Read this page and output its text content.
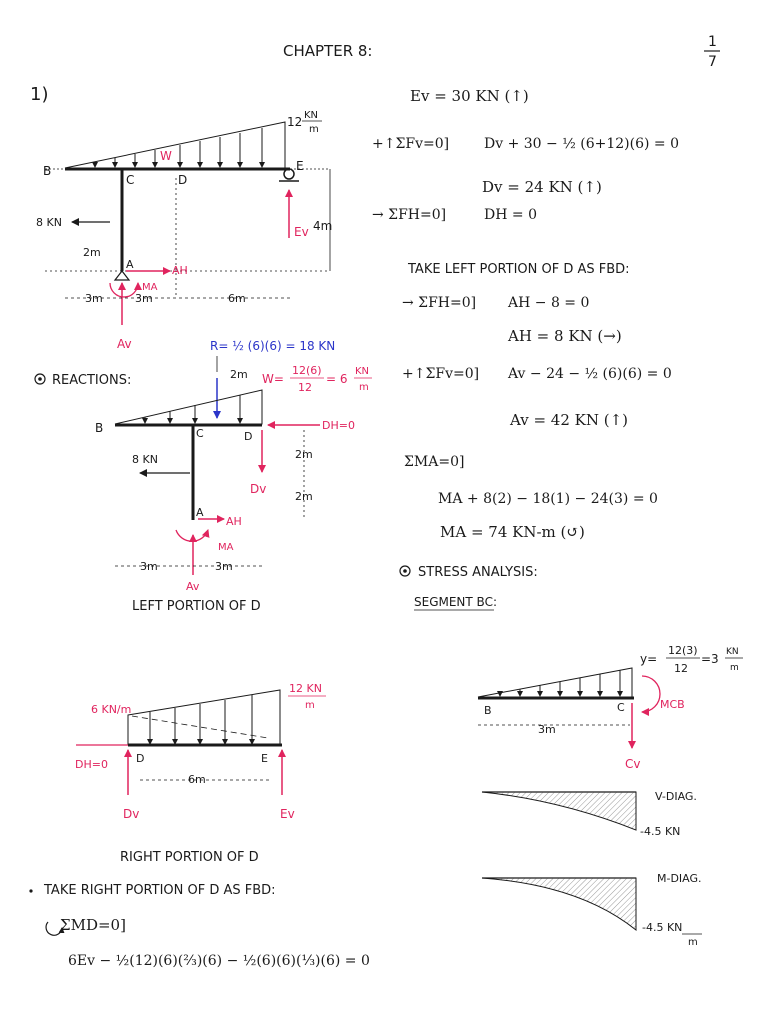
CHAPTER 8:	1
7
1)
12 KN
m
W
B
C	D
E
A
8 KN
2m
4m
Ev
AH
MA
Av
3m	3m	6m
Ev = 30 KN (↑)
+↑ΣFv=0] Dv + 30 − ½ (6+12)(6) = 0
Dv = 24 KN (↑)
→ ΣFH=0]	DH = 0
TAKE LEFT PORTION OF D AS FBD:
→ ΣFH=0] AH − 8 = 0
AH = 8 KN (→)
+↑ΣFv=0] Av − 24 − ½ (6)(6) = 0
Av = 42 KN (↑)
ΣMA=0]
MA + 8(2) − 18(1) − 24(3) = 0
MA = 74 KN-m (↺)
REACTIONS:
R= ½ (6)(6) = 18 KN
2m W=
12(6)
12
= 6
KN
m
B	C	D
A
DH=0
Dv
2m
2m
8 KN
AH
MA
Av
3m	3m
LEFT PORTION OF D
STRESS ANALYSIS:
SEGMENT BC:
6 KN/m
12 KN
m
D	E
DH=0
6m
Dv	Ev
RIGHT PORTION OF D
B	C
y=
12(3)
12
=3 KN
m
MCB
3m
Cv
V-DIAG.
-4.5 KN
M-DIAG.
-4.5 KN
m
TAKE RIGHT PORTION OF D AS FBD:
ΣMD=0]
6Ev − ½(12)(6)(⅔)(6) − ½(6)(6)(⅓)(6) = 0
